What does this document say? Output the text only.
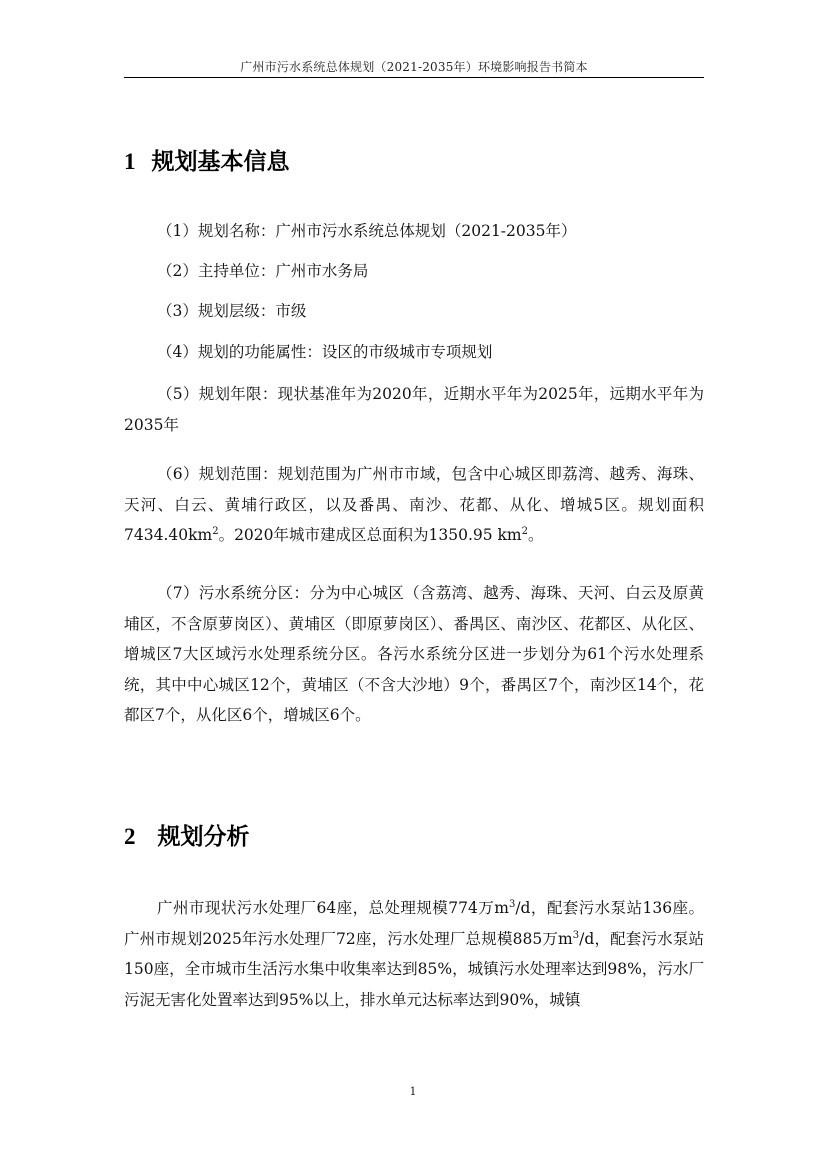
广州市污水系统总体规划（2021-2035年）环境影响报告书简本
1 规划基本信息

（1）规划名称：广州市污水系统总体规划（2021-2035年）

（2）主持单位：广州市水务局

（3）规划层级：市级

（4）规划的功能属性：设区的市级城市专项规划

（5）规划年限：现状基准年为2020年，近期水平年为2025年，远期水平年为2035年

（6）规划范围：规划范围为广州市市域，包含中心城区即荔湾、越秀、海珠、天河、白云、黄埔行政区，以及番禺、南沙、花都、从化、增城5区。规划面积$7434.40km^2$。2020年城市建成区总面积为1350.95 $km^2$。

（7）污水系统分区：分为中心城区（含荔湾、越秀、海珠、天河、白云及原黄埔区，不含原萝岗区）、黄埔区（即原萝岗区）、番禺区、南沙区、花都区、从化区、增城区7大区域污水处理系统分区。各污水系统分区进一步划分为61个污水处理系统，其中中心城区12个，黄埔区（不含大沙地）9个，番禺区7个，南沙区14个，花都区7个，从化区6个，增城区6个。

2 规划分析

广州市现状污水处理厂64座，总处理规模774万$m^3/d$，配套污水泵站136座。广州市规划2025年污水处理厂72座，污水处理厂总规模885万$m^3/d$，配套污水泵站150座，全市城市生活污水集中收集率达到85%，城镇污水处理率达到98%，污水厂污泥无害化处置率达到95%以上，排水单元达标率达到90%，城镇

1
